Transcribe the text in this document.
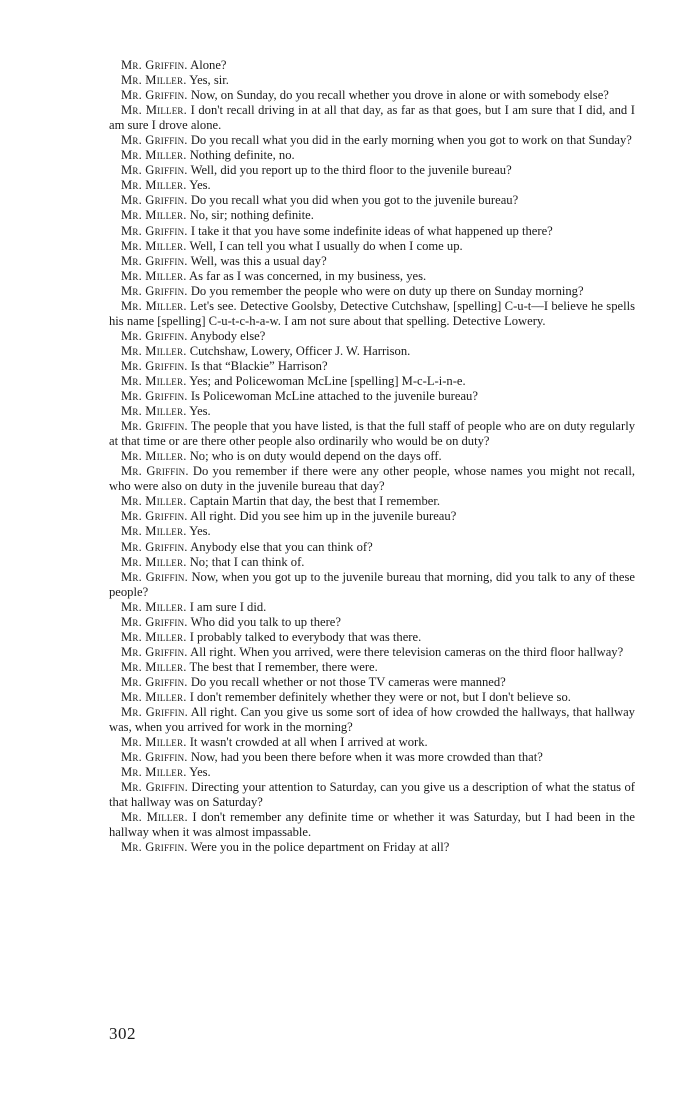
Mr. Griffin. Alone?

Mr. Miller. Yes, sir.

Mr. Griffin. Now, on Sunday, do you recall whether you drove in alone or with somebody else?

Mr. Miller. I don't recall driving in at all that day, as far as that goes, but I am sure that I did, and I am sure I drove alone.

Mr. Griffin. Do you recall what you did in the early morning when you got to work on that Sunday?

Mr. Miller. Nothing definite, no.

Mr. Griffin. Well, did you report up to the third floor to the juvenile bureau?

Mr. Miller. Yes.

Mr. Griffin. Do you recall what you did when you got to the juvenile bureau?

Mr. Miller. No, sir; nothing definite.

Mr. Griffin. I take it that you have some indefinite ideas of what happened up there?

Mr. Miller. Well, I can tell you what I usually do when I come up.

Mr. Griffin. Well, was this a usual day?

Mr. Miller. As far as I was concerned, in my business, yes.

Mr. Griffin. Do you remember the people who were on duty up there on Sunday morning?

Mr. Miller. Let's see. Detective Goolsby, Detective Cutchshaw, [spelling] C-u-t—I believe he spells his name [spelling] C-u-t-c-h-a-w. I am not sure about that spelling. Detective Lowery.

Mr. Griffin. Anybody else?

Mr. Miller. Cutchshaw, Lowery, Officer J. W. Harrison.

Mr. Griffin. Is that “Blackie” Harrison?

Mr. Miller. Yes; and Policewoman McLine [spelling] M-c-L-i-n-e.

Mr. Griffin. Is Policewoman McLine attached to the juvenile bureau?

Mr. Miller. Yes.

Mr. Griffin. The people that you have listed, is that the full staff of people who are on duty regularly at that time or are there other people also ordinarily who would be on duty?

Mr. Miller. No; who is on duty would depend on the days off.

Mr. Griffin. Do you remember if there were any other people, whose names you might not recall, who were also on duty in the juvenile bureau that day?

Mr. Miller. Captain Martin that day, the best that I remember.

Mr. Griffin. All right. Did you see him up in the juvenile bureau?

Mr. Miller. Yes.

Mr. Griffin. Anybody else that you can think of?

Mr. Miller. No; that I can think of.

Mr. Griffin. Now, when you got up to the juvenile bureau that morning, did you talk to any of these people?

Mr. Miller. I am sure I did.

Mr. Griffin. Who did you talk to up there?

Mr. Miller. I probably talked to everybody that was there.

Mr. Griffin. All right. When you arrived, were there television cameras on the third floor hallway?

Mr. Miller. The best that I remember, there were.

Mr. Griffin. Do you recall whether or not those TV cameras were manned?

Mr. Miller. I don't remember definitely whether they were or not, but I don't believe so.

Mr. Griffin. All right. Can you give us some sort of idea of how crowded the hallways, that hallway was, when you arrived for work in the morning?

Mr. Miller. It wasn't crowded at all when I arrived at work.

Mr. Griffin. Now, had you been there before when it was more crowded than that?

Mr. Miller. Yes.

Mr. Griffin. Directing your attention to Saturday, can you give us a description of what the status of that hallway was on Saturday?

Mr. Miller. I don't remember any definite time or whether it was Saturday, but I had been in the hallway when it was almost impassable.

Mr. Griffin. Were you in the police department on Friday at all?

302
